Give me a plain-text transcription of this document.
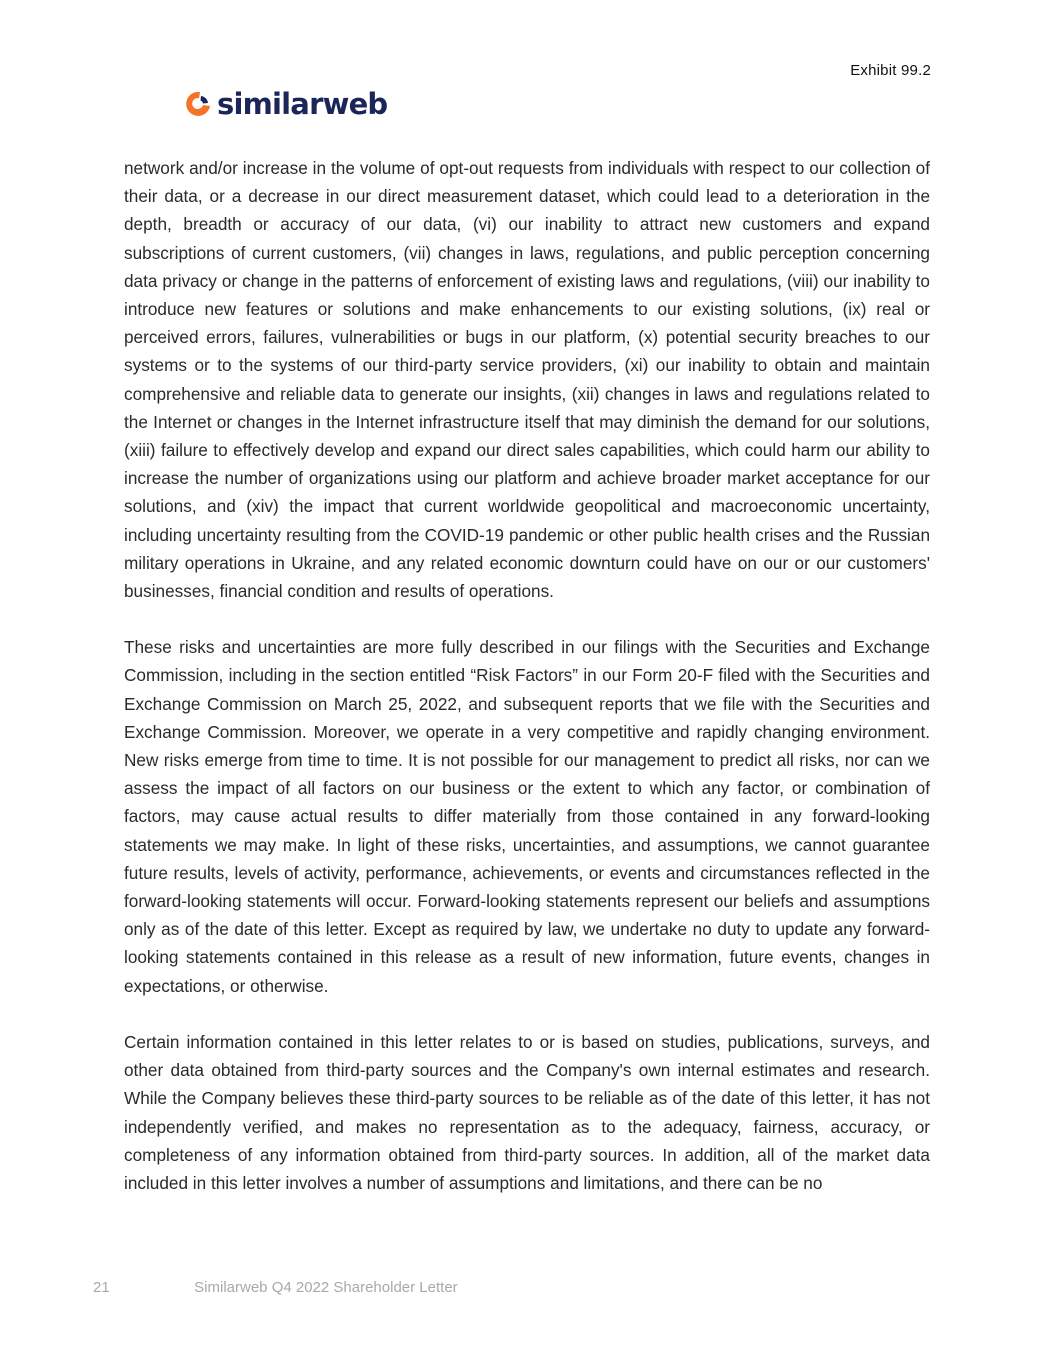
Exhibit 99.2
similarweb

network and/or increase in the volume of opt-out requests from individuals with respect to our collection of their data, or a decrease in our direct measurement dataset, which could lead to a deterioration in the depth, breadth or accuracy of our data, (vi) our inability to attract new customers and expand subscriptions of current customers, (vii) changes in laws, regulations, and public perception concerning data privacy or change in the patterns of enforcement of existing laws and regulations, (viii) our inability to introduce new features or solutions and make enhancements to our existing solutions, (ix) real or perceived errors, failures, vulnerabilities or bugs in our platform, (x) potential security breaches to our systems or to the systems of our third-party service providers, (xi) our inability to obtain and maintain comprehensive and reliable data to generate our insights, (xii) changes in laws and regulations related to the Internet or changes in the Internet infrastructure itself that may diminish the demand for our solutions, (xiii) failure to effectively develop and expand our direct sales capabilities, which could harm our ability to increase the number of organizations using our platform and achieve broader market acceptance for our solutions, and (xiv) the impact that current worldwide geopolitical and macroeconomic uncertainty, including uncertainty resulting from the COVID-19 pandemic or other public health crises and the Russian military operations in Ukraine, and any related economic downturn could have on our or our customers' businesses, financial condition and results of operations.

These risks and uncertainties are more fully described in our filings with the Securities and Exchange Commission, including in the section entitled “Risk Factors” in our Form 20-F filed with the Securities and Exchange Commission on March 25, 2022, and subsequent reports that we file with the Securities and Exchange Commission. Moreover, we operate in a very competitive and rapidly changing environment. New risks emerge from time to time. It is not possible for our management to predict all risks, nor can we assess the impact of all factors on our business or the extent to which any factor, or combination of factors, may cause actual results to differ materially from those contained in any forward-looking statements we may make. In light of these risks, uncertainties, and assumptions, we cannot guarantee future results, levels of activity, performance, achievements, or events and circumstances reflected in the forward-looking statements will occur. Forward-looking statements represent our beliefs and assumptions only as of the date of this letter. Except as required by law, we undertake no duty to update any forward-looking statements contained in this release as a result of new information, future events, changes in expectations, or otherwise.

Certain information contained in this letter relates to or is based on studies, publications, surveys, and other data obtained from third-party sources and the Company's own internal estimates and research. While the Company believes these third-party sources to be reliable as of the date of this letter, it has not independently verified, and makes no representation as to the adequacy, fairness, accuracy, or completeness of any information obtained from third-party sources. In addition, all of the market data included in this letter involves a number of assumptions and limitations, and there can be no

21	Similarweb Q4 2022 Shareholder Letter
